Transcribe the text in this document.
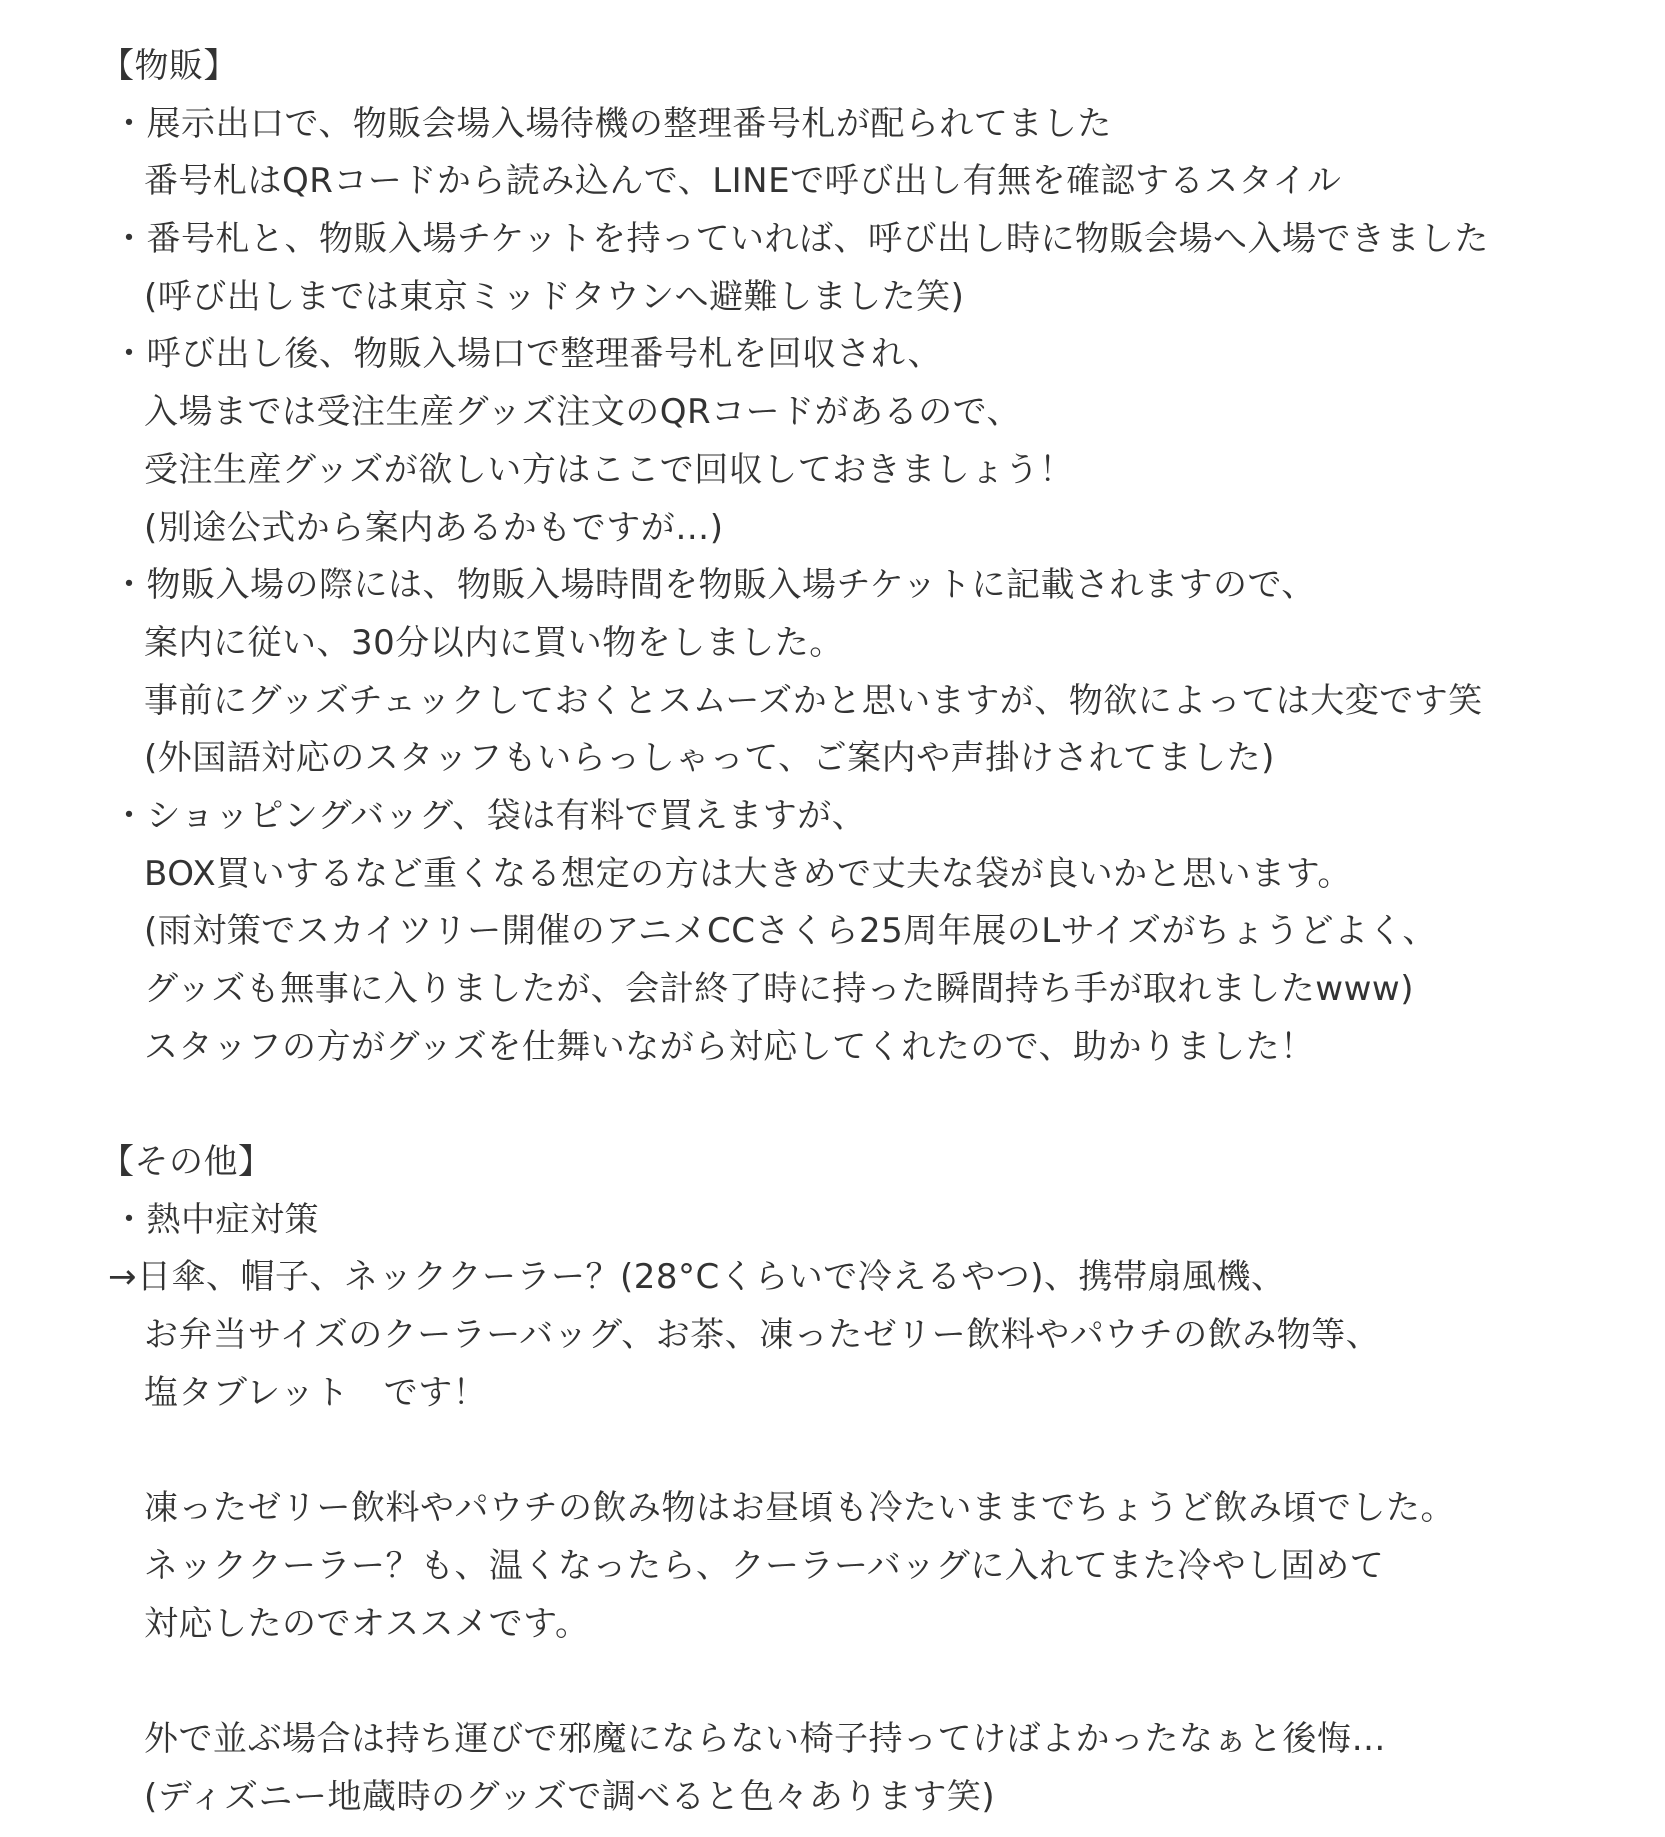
【物販】
・展示出口で、物販会場入場待機の整理番号札が配られてました
番号札はQRコードから読み込んで、LINEで呼び出し有無を確認するスタイル
・番号札と、物販入場チケットを持っていれば、呼び出し時に物販会場へ入場できました
(呼び出しまでは東京ミッドタウンへ避難しました笑)
・呼び出し後、物販入場口で整理番号札を回収され、
入場までは受注生産グッズ注文のQRコードがあるので、
受注生産グッズが欲しい方はここで回収しておきましょう！
(別途公式から案内あるかもですが…)
・物販入場の際には、物販入場時間を物販入場チケットに記載されますので、
案内に従い、30分以内に買い物をしました。
事前にグッズチェックしておくとスムーズかと思いますが、物欲によっては大変です笑
(外国語対応のスタッフもいらっしゃって、ご案内や声掛けされてました)
・ショッピングバッグ、袋は有料で買えますが、
BOX買いするなど重くなる想定の方は大きめで丈夫な袋が良いかと思います。
(雨対策でスカイツリー開催のアニメCCさくら25周年展のLサイズがちょうどよく、
グッズも無事に入りましたが、会計終了時に持った瞬間持ち手が取れましたwww)
スタッフの方がグッズを仕舞いながら対応してくれたので、助かりました！
【その他】
・熱中症対策
→日傘、帽子、ネッククーラー？(28°Cくらいで冷えるやつ)、携帯扇風機、
お弁当サイズのクーラーバッグ、お茶、凍ったゼリー飲料やパウチの飲み物等、
塩タブレット　です！
凍ったゼリー飲料やパウチの飲み物はお昼頃も冷たいままでちょうど飲み頃でした。
ネッククーラー？も、温くなったら、クーラーバッグに入れてまた冷やし固めて
対応したのでオススメです。
外で並ぶ場合は持ち運びで邪魔にならない椅子持ってけばよかったなぁと後悔…
(ディズニー地蔵時のグッズで調べると色々あります笑)
